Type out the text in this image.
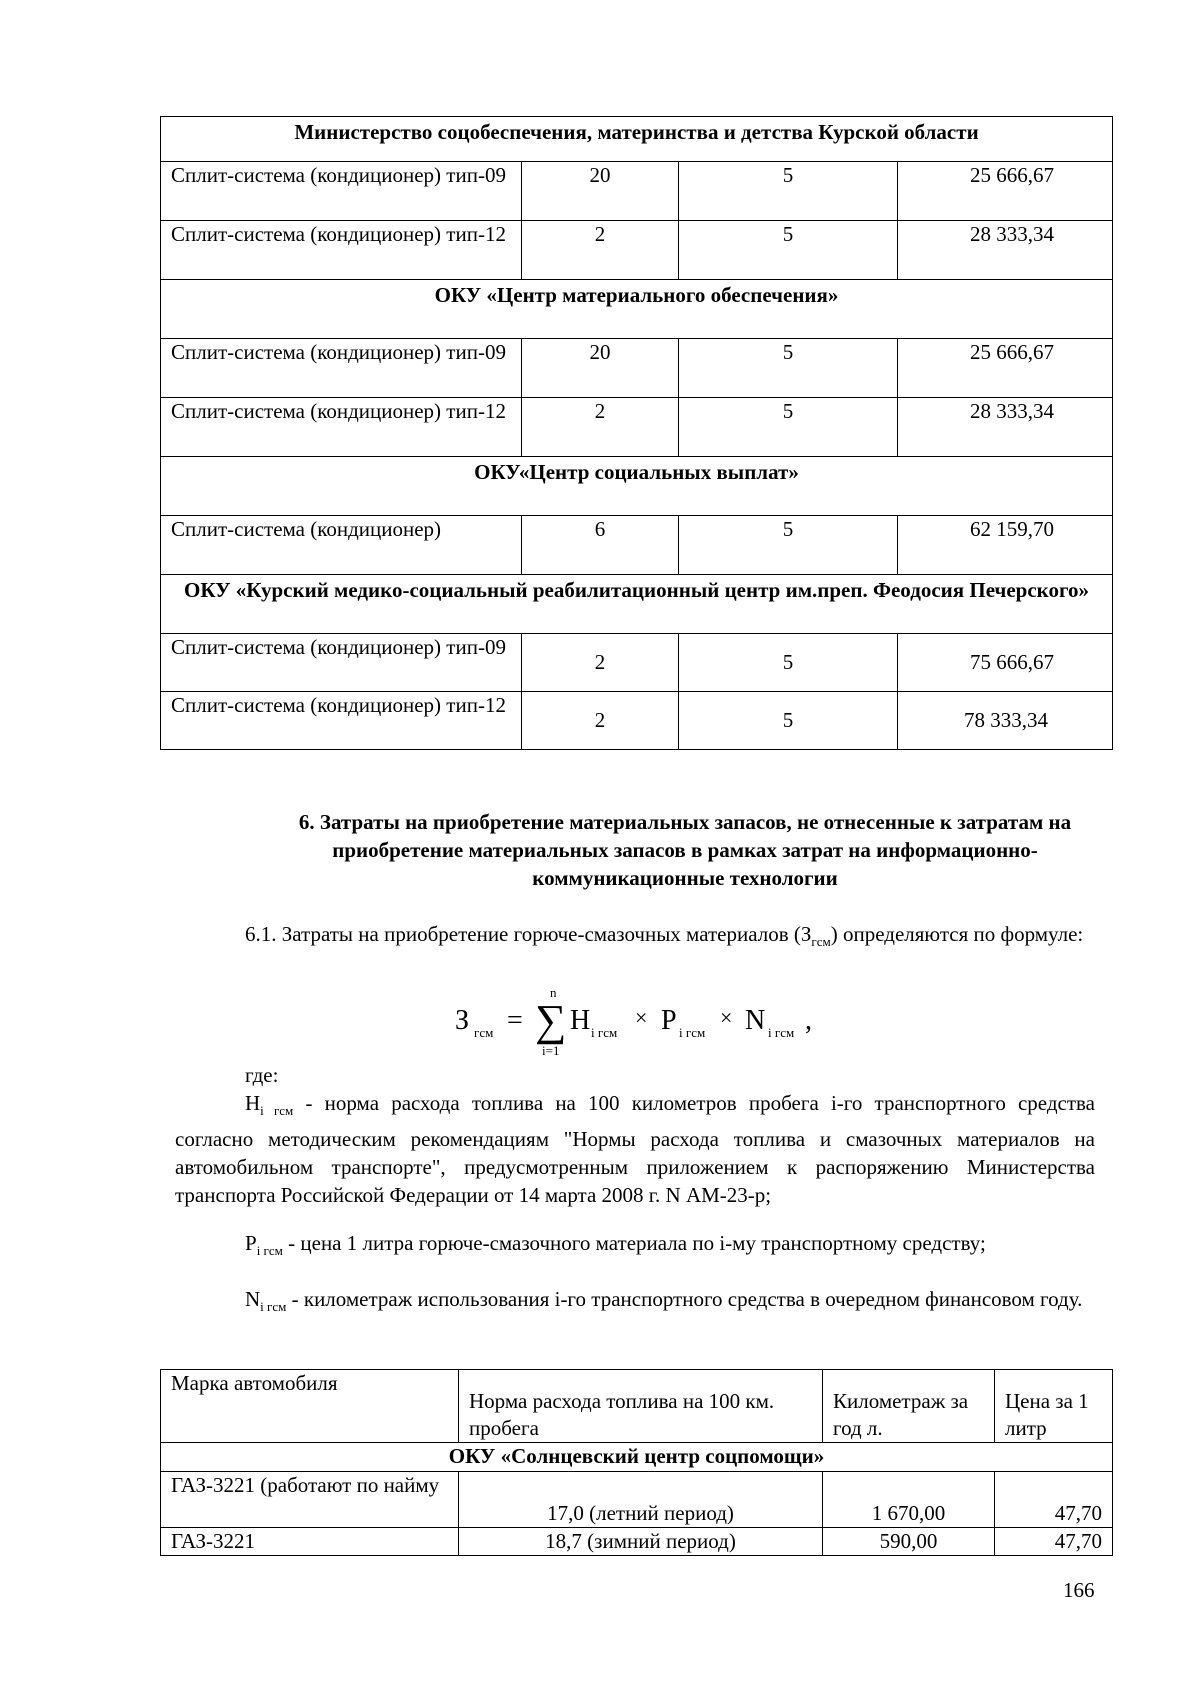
Министерство соцобеспечения, материнства и детства Курской области			
Сплит-система (кондиционер) тип-09	20	5	25 666,67
Сплит-система (кондиционер) тип-12	2	5	28 333,34
ОКУ «Центр материального обеспечения»			
Сплит-система (кондиционер) тип-09	20	5	25 666,67
Сплит-система (кондиционер) тип-12	2	5	28 333,34
ОКУ«Центр социальных выплат»			
Сплит-система (кондиционер)	6	5	62 159,70
ОКУ «Курский медико-социальный реабилитационный центр им.преп. Феодосия Печерского»			
Сплит-система (кондиционер) тип-09	2	5	75 666,67
Сплит-система (кондиционер) тип-12	2	5	78 333,34
6. Затраты на приобретение материальных запасов, не отнесенные к затратам на приобретение материальных запасов в рамках затрат на информационно-коммуникационные технологии
6.1. Затраты на приобретение горюче-смазочных материалов $(З_{гсм})$ определяются по формуле:
З гсм =
n
∑
i=1
Н i гсм
× Р i гсм
× N i гсм ,
где:
$Н_{i гсм}$ - норма расхода топлива на 100 километров пробега i-го транспортного средства согласно методическим рекомендациям "Нормы расхода топлива и смазочных материалов на автомобильном транспорте", предусмотренным приложением к распоряжению Министерства транспорта Российской Федерации от 14 марта 2008 г. N АМ-23-р;
$Р_{i гсм}$ - цена 1 литра горюче-смазочного материала по i-му транспортному средству;
$N_{i гсм}$ - километраж использования i-го транспортного средства в очередном финансовом году.
Марка автомобиля	Норма расхода топлива на 100 км. пробега	Километраж за год л.	Цена за 1 литр
ОКУ «Солнцевский центр соцпомощи»			
ГАЗ-3221 (работают по найму	17,0 (летний период)	1 670,00	47,70
ГАЗ-3221	18,7 (зимний период)	590,00	47,70
166
